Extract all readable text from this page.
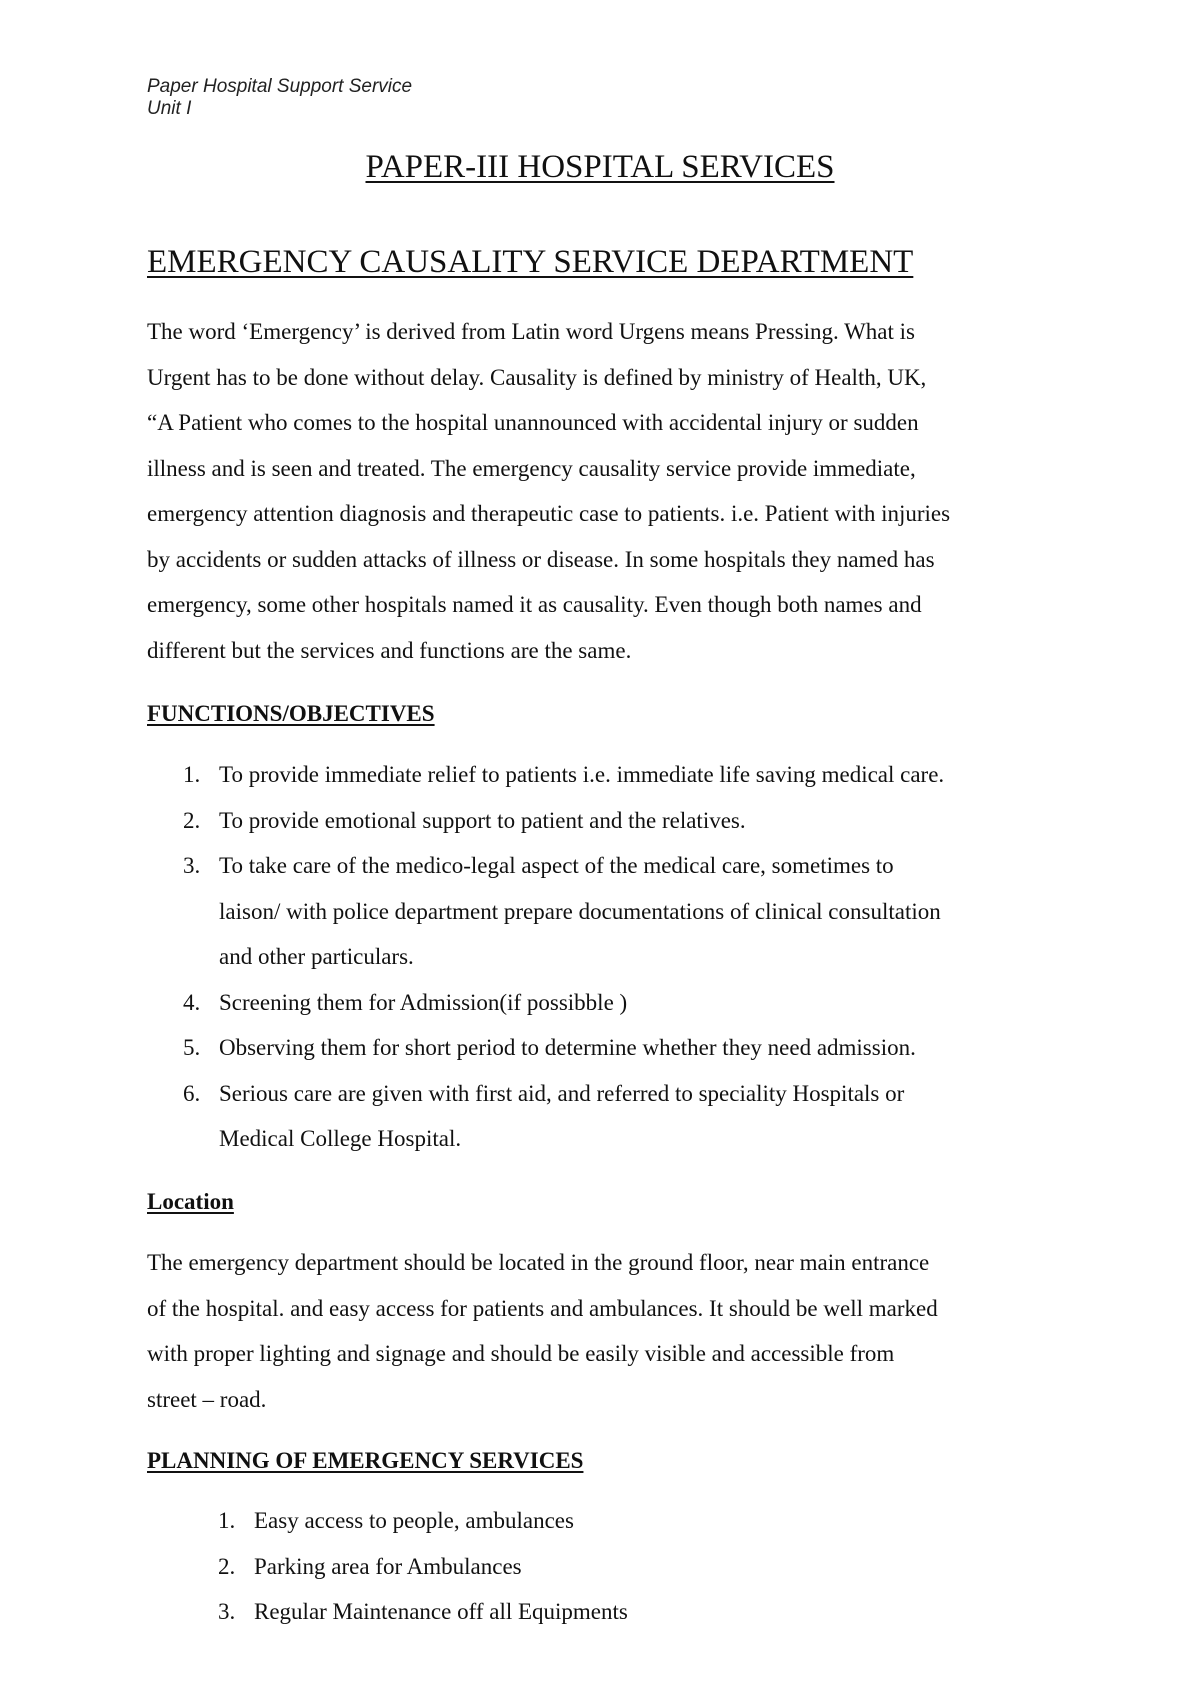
Paper Hospital Support Service
Unit I
PAPER-III HOSPITAL SERVICES
EMERGENCY CAUSALITY SERVICE DEPARTMENT

The word ‘Emergency’ is derived from Latin word Urgens means Pressing. What is
Urgent has to be done without delay. Causality is defined by ministry of Health, UK,
“A Patient who comes to the hospital unannounced with accidental injury or sudden
illness and is seen and treated. The emergency causality service provide immediate,
emergency attention diagnosis and therapeutic case to patients. i.e. Patient with injuries
by accidents or sudden attacks of illness or disease. In some hospitals they named has
emergency, some other hospitals named it as causality. Even though both names and
different but the services and functions are the same.

FUNCTIONS/OBJECTIVES
1. To provide immediate relief to patients i.e. immediate life saving medical care.
2. To provide emotional support to patient and the relatives.
3. To take care of the medico-legal aspect of the medical care, sometimes to
laison/ with police department prepare documentations of clinical consultation
and other particulars.
4. Screening them for Admission(if possibble )
5. Observing them for short period to determine whether they need admission.
6. Serious care are given with first aid, and referred to speciality Hospitals or
Medical College Hospital.
Location

The emergency department should be located in the ground floor, near main entrance
of the hospital. and easy access for patients and ambulances. It should be well marked
with proper lighting and signage and should be easily visible and accessible from
street – road.

PLANNING OF EMERGENCY SERVICES
1. Easy access to people, ambulances
2. Parking area for Ambulances
3. Regular Maintenance off all Equipments
